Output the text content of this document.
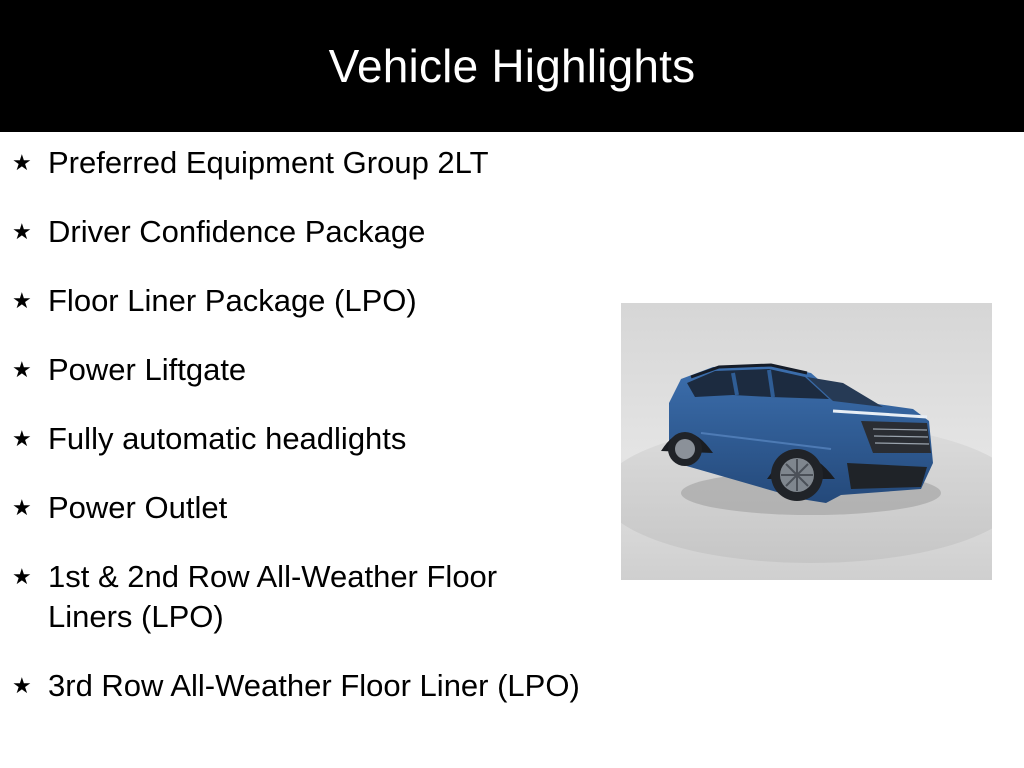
Vehicle Highlights
★ Preferred Equipment Group 2LT
★ Driver Confidence Package
★ Floor Liner Package (LPO)
★ Power Liftgate
★ Fully automatic headlights
★ Power Outlet
★ 1st & 2nd Row All-Weather Floor Liners (LPO)
★ 3rd Row All-Weather Floor Liner (LPO)
